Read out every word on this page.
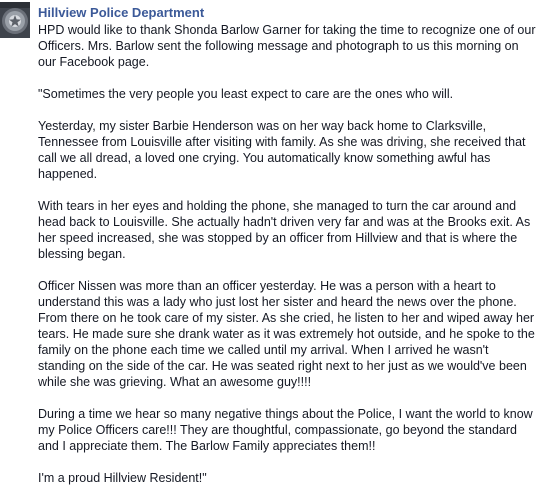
Hillview Police Department

HPD would like to thank Shonda Barlow Garner for taking the time to recognize one of our Officers. Mrs. Barlow sent the following message and photograph to us this morning on our Facebook page.

"Sometimes the very people you least expect to care are the ones who will.

Yesterday, my sister Barbie Henderson was on her way back home to Clarksville, Tennessee from Louisville after visiting with family. As she was driving, she received that call we all dread, a loved one crying. You automatically know something awful has happened.

With tears in her eyes and holding the phone, she managed to turn the car around and head back to Louisville. She actually hadn't driven very far and was at the Brooks exit. As her speed increased, she was stopped by an officer from Hillview and that is where the blessing began.

Officer Nissen was more than an officer yesterday. He was a person with a heart to understand this was a lady who just lost her sister and heard the news over the phone. From there on he took care of my sister. As she cried, he listen to her and wiped away her tears. He made sure she drank water as it was extremely hot outside, and he spoke to the family on the phone each time we called until my arrival. When I arrived he wasn't standing on the side of the car. He was seated right next to her just as we would've been while she was grieving. What an awesome guy!!!!

During a time we hear so many negative things about the Police, I want the world to know my Police Officers care!!! They are thoughtful, compassionate, go beyond the standard and I appreciate them. The Barlow Family appreciates them!!

I'm a proud Hillview Resident!"
